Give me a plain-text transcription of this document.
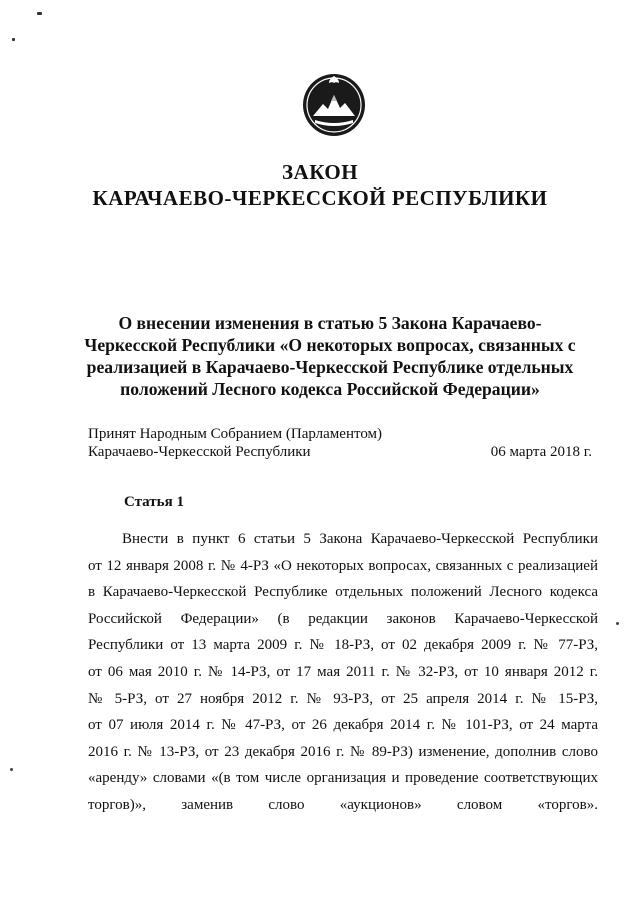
ЗАКОН
КАРАЧАЕВО-ЧЕРКЕССКОЙ РЕСПУБЛИКИ
О внесении изменения в статью 5 Закона Карачаево-
Черкесской Республики «О некоторых вопросах, связанных с
реализацией в Карачаево-Черкесской Республике отдельных
положений Лесного кодекса Российской Федерации»
Принят Народным Собранием (Парламентом)
Карачаево-Черкесской Республики	06 марта 2018 г.
Статья 1
Внести в пункт 6 статьи 5 Закона Карачаево-Черкесской Республики
от 12 января 2008 г. № 4-РЗ «О некоторых вопросах, связанных с реализацией
в Карачаево-Черкесской Республике отдельных положений Лесного кодекса
Российской Федерации» (в редакции законов Карачаево-Черкесской
Республики от 13 марта 2009 г. № 18-РЗ, от 02 декабря 2009 г. № 77-РЗ,
от 06 мая 2010 г. № 14-РЗ, от 17 мая 2011 г. № 32-РЗ, от 10 января 2012 г.
№ 5-РЗ, от 27 ноября 2012 г. № 93-РЗ, от 25 апреля 2014 г. № 15-РЗ,
от 07 июля 2014 г. № 47-РЗ, от 26 декабря 2014 г. № 101-РЗ, от 24 марта
2016 г. № 13-РЗ, от 23 декабря 2016 г. № 89-РЗ) изменение, дополнив слово
«аренду» словами «(в том числе организация и проведение соответствующих
торгов)», заменив слово «аукционов» словом «торгов».
